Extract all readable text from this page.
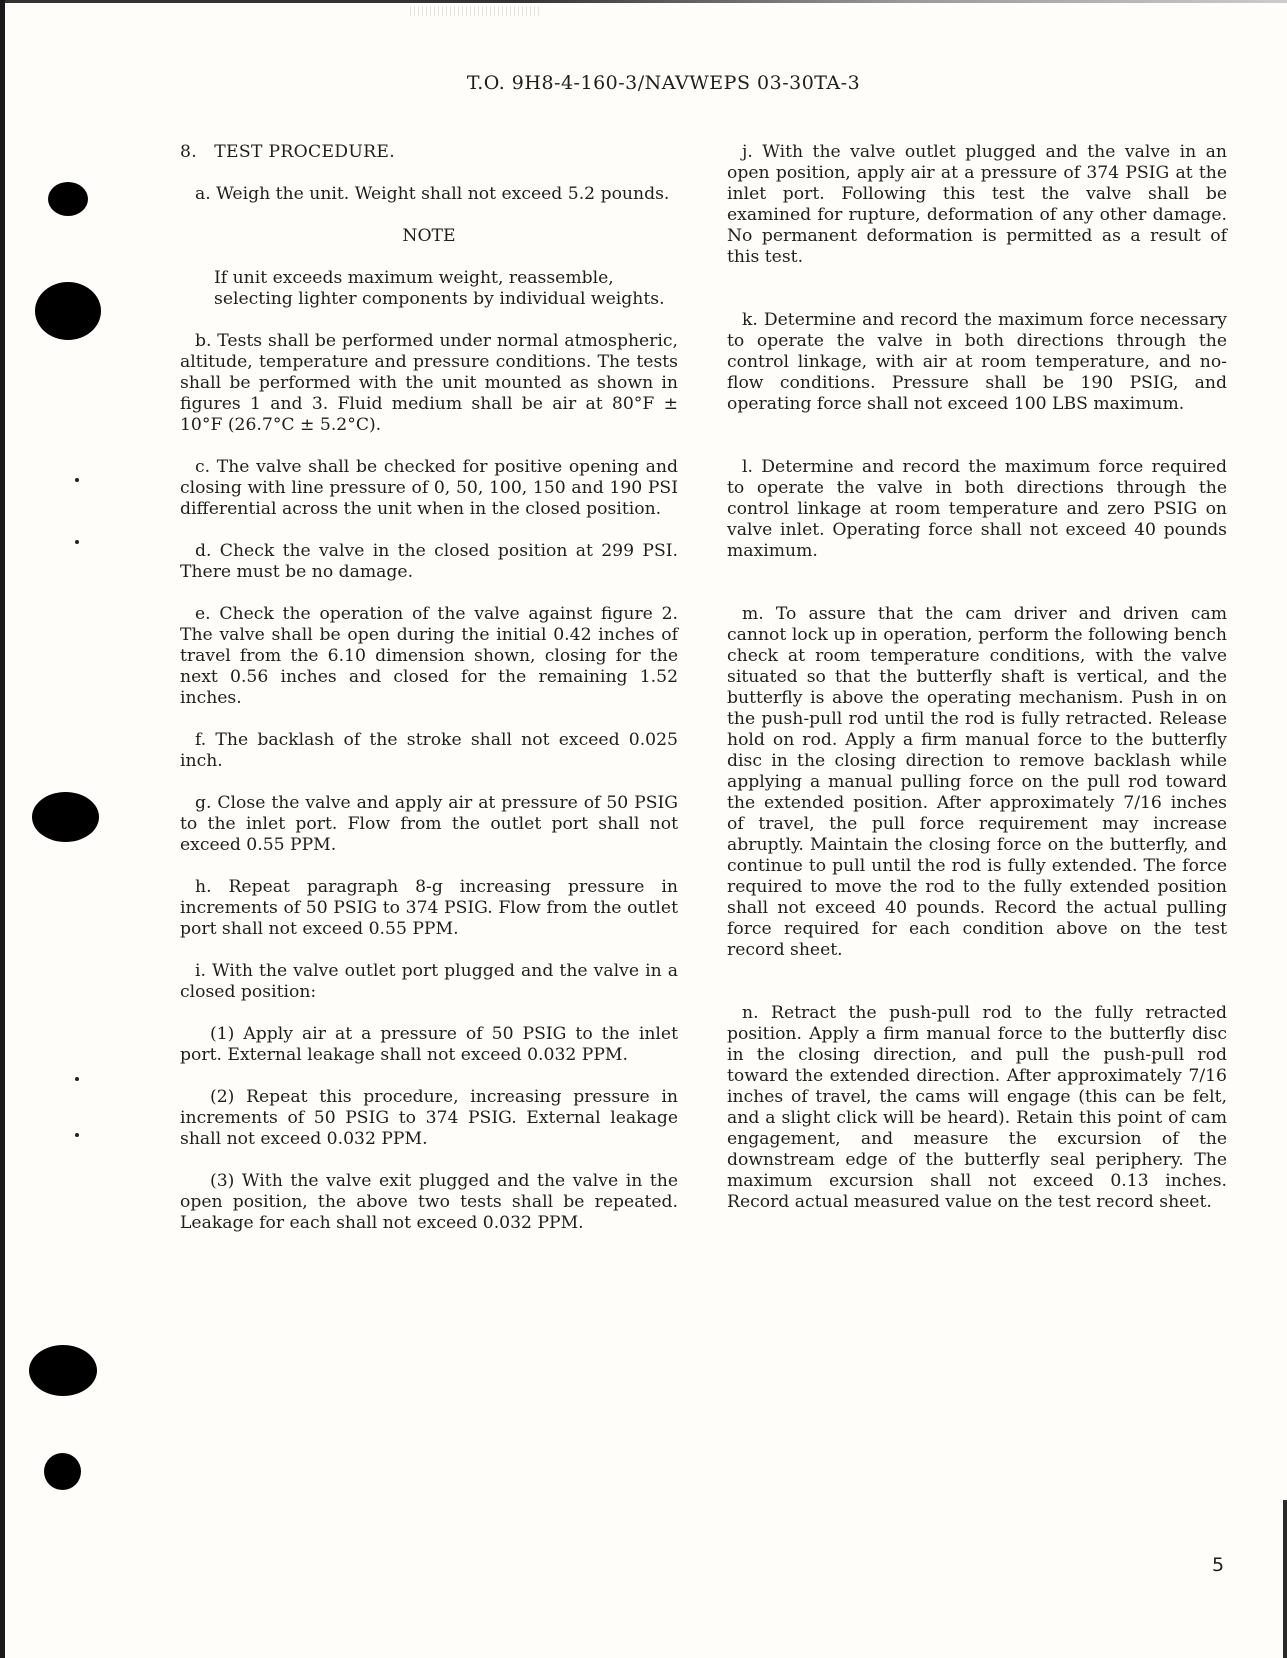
T.O. 9H8-4-160-3/NAVWEPS 03-30TA-3

8.   TEST PROCEDURE.

a. Weigh the unit. Weight shall not exceed 5.2 pounds.

NOTE

If unit exceeds maximum weight, reassemble, selecting lighter components by individual weights.

b. Tests shall be performed under normal atmospheric, altitude, temperature and pressure conditions. The tests shall be performed with the unit mounted as shown in figures 1 and 3. Fluid medium shall be air at 80°F ± 10°F (26.7°C ± 5.2°C).

c. The valve shall be checked for positive opening and closing with line pressure of 0, 50, 100, 150 and 190 PSI differential across the unit when in the closed position.

d. Check the valve in the closed position at 299 PSI. There must be no damage.

e. Check the operation of the valve against figure 2. The valve shall be open during the initial 0.42 inches of travel from the 6.10 dimension shown, closing for the next 0.56 inches and closed for the remaining 1.52 inches.

f. The backlash of the stroke shall not exceed 0.025 inch.

g. Close the valve and apply air at pressure of 50 PSIG to the inlet port. Flow from the outlet port shall not exceed 0.55 PPM.

h. Repeat paragraph 8-g increasing pressure in increments of 50 PSIG to 374 PSIG. Flow from the outlet port shall not exceed 0.55 PPM.

i. With the valve outlet port plugged and the valve in a closed position:

(1) Apply air at a pressure of 50 PSIG to the inlet port. External leakage shall not exceed 0.032 PPM.

(2) Repeat this procedure, increasing pressure in increments of 50 PSIG to 374 PSIG. External leakage shall not exceed 0.032 PPM.

(3) With the valve exit plugged and the valve in the open position, the above two tests shall be repeated. Leakage for each shall not exceed 0.032 PPM.

j. With the valve outlet plugged and the valve in an open position, apply air at a pressure of 374 PSIG at the inlet port. Following this test the valve shall be examined for rupture, deformation of any other damage. No permanent deformation is permitted as a result of this test.

k. Determine and record the maximum force necessary to operate the valve in both directions through the control linkage, with air at room temperature, and no-flow conditions. Pressure shall be 190 PSIG, and operating force shall not exceed 100 LBS maximum.

l. Determine and record the maximum force required to operate the valve in both directions through the control linkage at room temperature and zero PSIG on valve inlet. Operating force shall not exceed 40 pounds maximum.

m. To assure that the cam driver and driven cam cannot lock up in operation, perform the following bench check at room temperature conditions, with the valve situated so that the butterfly shaft is vertical, and the butterfly is above the operating mechanism. Push in on the push-pull rod until the rod is fully retracted. Release hold on rod. Apply a firm manual force to the butterfly disc in the closing direction to remove backlash while applying a manual pulling force on the pull rod toward the extended position. After approximately 7/16 inches of travel, the pull force requirement may increase abruptly. Maintain the closing force on the butterfly, and continue to pull until the rod is fully extended. The force required to move the rod to the fully extended position shall not exceed 40 pounds. Record the actual pulling force required for each condition above on the test record sheet.

n. Retract the push-pull rod to the fully retracted position. Apply a firm manual force to the butterfly disc in the closing direction, and pull the push-pull rod toward the extended direction. After approximately 7/16 inches of travel, the cams will engage (this can be felt, and a slight click will be heard). Retain this point of cam engagement, and measure the excursion of the downstream edge of the butterfly seal periphery. The maximum excursion shall not exceed 0.13 inches. Record actual measured value on the test record sheet.

5
